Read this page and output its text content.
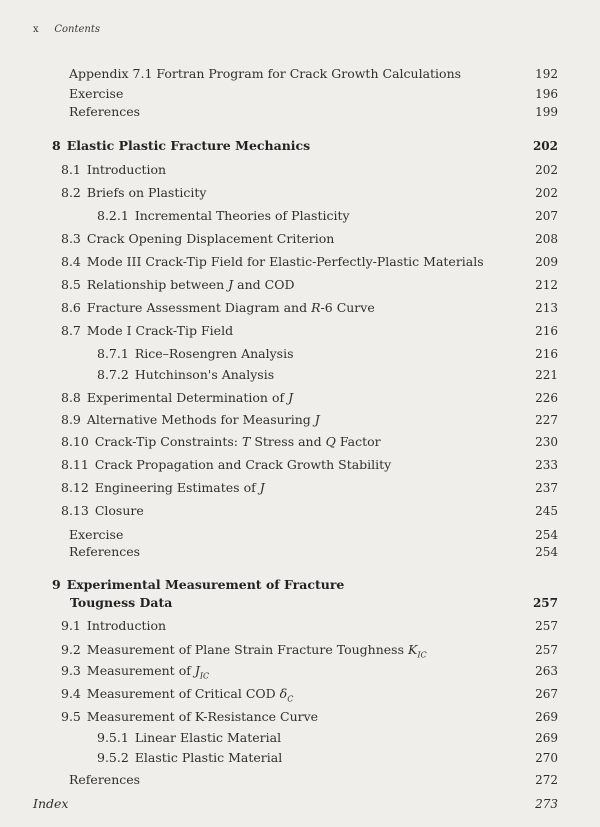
x Contents
Appendix 7.1 Fortran Program for Crack Growth Calculations	192
Exercise	196
References	199
8 Elastic Plastic Fracture Mechanics	202
8.1 Introduction	202
8.2 Briefs on Plasticity	202
8.2.1 Incremental Theories of Plasticity	207
8.3 Crack Opening Displacement Criterion	208
8.4 Mode III Crack-Tip Field for Elastic-Perfectly-Plastic Materials	209
8.5 Relationship between J and COD	212
8.6 Fracture Assessment Diagram and R-6 Curve	213
8.7 Mode I Crack-Tip Field	216
8.7.1 Rice–Rosengren Analysis	216
8.7.2 Hutchinson's Analysis	221
8.8 Experimental Determination of J	226
8.9 Alternative Methods for Measuring J	227
8.10 Crack-Tip Constraints: T Stress and Q Factor	230
8.11 Crack Propagation and Crack Growth Stability	233
8.12 Engineering Estimates of J	237
8.13 Closure	245
Exercise	254
References	254
9 Experimental Measurement of Fracture
Tougness Data	257
9.1 Introduction	257
9.2 Measurement of Plane Strain Fracture Toughness $K_{IC}$	257
9.3 Measurement of $J_{IC}$	263
9.4 Measurement of Critical COD $\delta_C$	267
9.5 Measurement of K-Resistance Curve	269
9.5.1 Linear Elastic Material	269
9.5.2 Elastic Plastic Material	270
References	272
Index	273
